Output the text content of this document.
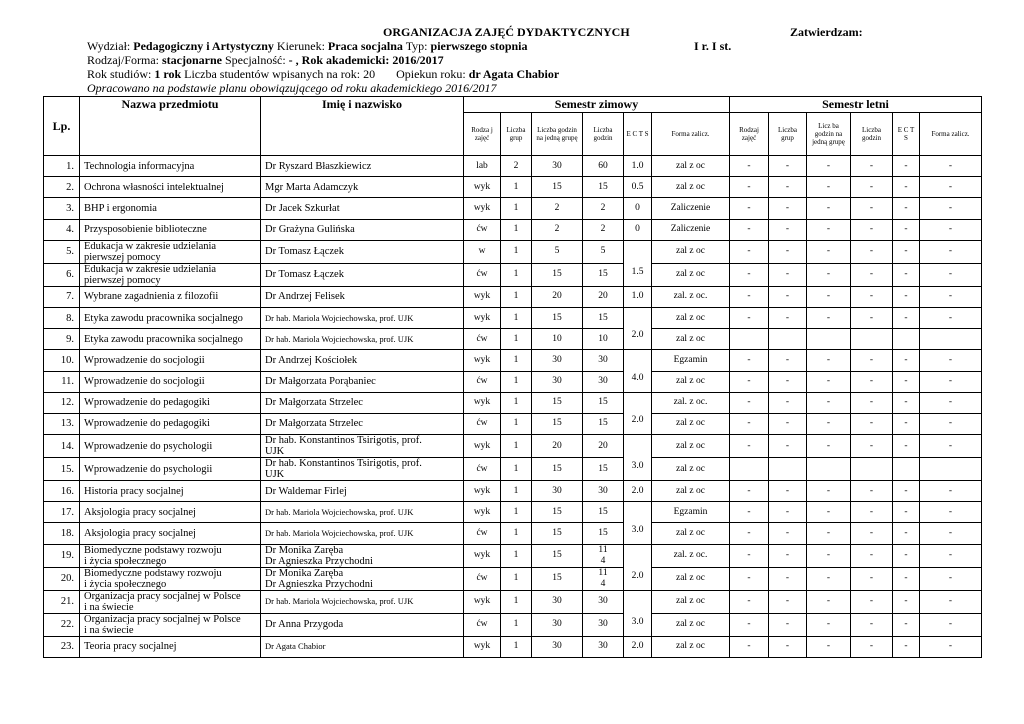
ORGANIZACJA ZAJĘĆ DYDAKTYCZNYCH	Zatwierdzam:
Wydział: Pedagogiczny i Artystyczny Kierunek: Praca socjalna Typ: pierwszego stopnia	I r. I st.
Rodzaj/Forma: stacjonarne Specjalność: - , Rok akademicki: 2016/2017
Rok studiów: 1 rok Liczba studentów wpisanych na rok: 20 Opiekun roku: dr Agata Chabior
Opracowano na podstawie planu obowiązującego od roku akademickiego 2016/2017
Lp.	Nazwa przedmiotu	Imię i nazwisko	Semestr zimowy						Semestr letni					
			Rodza j zajęć	Liczba grup	Liczba godzin na jedną grupę	Liczba godzin	E C T S	Forma zalicz.	Rodzaj zajęć	Liczba grup	Licz ba godzin na jedną grupę	Liczba godzin	E C T S	Forma zalicz.
1.	Technologia informacyjna	Dr Ryszard Błaszkiewicz	lab	2	30	60	1.0	zal z oc	-	-	-	-	-	-
2.	Ochrona własności intelektualnej	Mgr Marta Adamczyk	wyk	1	15	15	0.5	zal z oc	-	-	-	-	-	-
3.	BHP i ergonomia	Dr Jacek Szkurłat	wyk	1	2	2	0	Zaliczenie	-	-	-	-	-	-
4.	Przysposobienie biblioteczne	Dr Grażyna Gulińska	ćw	1	2	2	0	Zaliczenie	-	-	-	-	-	-
5.	Edukacja w zakresie udzielania
pierwszej pomocy	Dr Tomasz Łączek	w	1	5	5	1.5	zal z oc	-	-	-	-	-	-
6.	Edukacja w zakresie udzielania
pierwszej pomocy	Dr Tomasz Łączek	ćw	1	15	15		zal z oc	-	-	-	-	-	-
7.	Wybrane zagadnienia z filozofii	Dr Andrzej Felisek	wyk	1	20	20	1.0	zal. z oc.	-	-	-	-	-	-
8.	Etyka zawodu pracownika socjalnego	Dr hab. Mariola Wojciechowska, prof. UJK	wyk	1	15	15	2.0	zal z oc	-	-	-	-	-	-
9.	Etyka zawodu pracownika socjalnego	Dr hab. Mariola Wojciechowska, prof. UJK	ćw	1	10	10		zal z oc						
10.	Wprowadzenie do socjologii	Dr Andrzej Kościołek	wyk	1	30	30	4.0	Egzamin	-	-	-	-	-	-
11.	Wprowadzenie do socjologii	Dr Małgorzata Porąbaniec	ćw	1	30	30		zal z oc	-	-	-	-	-	-
12.	Wprowadzenie do pedagogiki	Dr Małgorzata Strzelec	wyk	1	15	15	2.0	zal. z oc.	-	-	-	-	-	-
13.	Wprowadzenie do pedagogiki	Dr Małgorzata Strzelec	ćw	1	15	15		zal z oc	-	-	-	-	-	-
14.	Wprowadzenie do psychologii	Dr hab. Konstantinos Tsirigotis, prof.
UJK	wyk	1	20	20	3.0	zal z oc	-	-	-	-	-	-
15.	Wprowadzenie do psychologii	Dr hab. Konstantinos Tsirigotis, prof.
UJK	ćw	1	15	15		zal z oc						
16.	Historia pracy socjalnej	Dr Waldemar Firlej	wyk	1	30	30	2.0	zal z oc	-	-	-	-	-	-
17.	Aksjologia pracy socjalnej	Dr hab. Mariola Wojciechowska, prof. UJK	wyk	1	15	15	3.0	Egzamin	-	-	-	-	-	-
18.	Aksjologia pracy socjalnej	Dr hab. Mariola Wojciechowska, prof. UJK	ćw	1	15	15		zal z oc	-	-	-	-	-	-
19.	Biomedyczne podstawy rozwoju
i życia społecznego	Dr Monika Zaręba
Dr Agnieszka Przychodni	wyk	1	15	11
4	2.0	zal. z oc.	-	-	-	-	-	-
20.	Biomedyczne podstawy rozwoju
i życia społecznego	Dr Monika Zaręba
Dr Agnieszka Przychodni	ćw	1	15	11
4		zal z oc	-	-	-	-	-	-
21.	Organizacja pracy socjalnej w Polsce
i na świecie	Dr hab. Mariola Wojciechowska, prof. UJK	wyk	1	30	30	3.0	zal z oc	-	-	-	-	-	-
22.	Organizacja pracy socjalnej w Polsce
i na świecie	Dr Anna Przygoda	ćw	1	30	30		zal z oc	-	-	-	-	-	-
23.	Teoria pracy socjalnej	Dr Agata Chabior	wyk	1	30	30	2.0	zal z oc	-	-	-	-	-	-
